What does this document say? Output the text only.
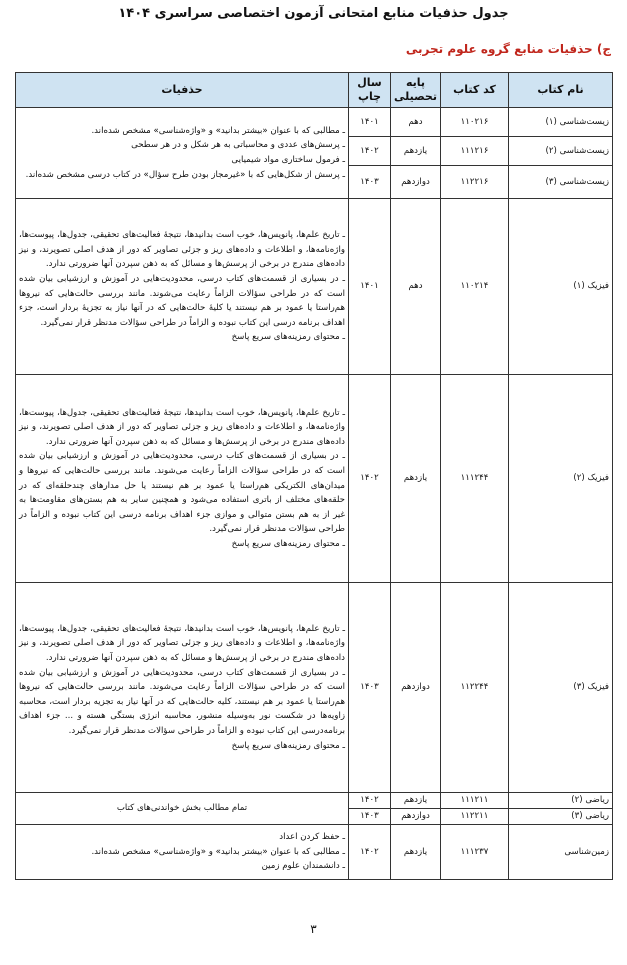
جدول حذفیات منابع امتحانی آزمون اختصاصی سراسری ۱۴۰۴
ج) حذفیات منابع گروه علوم تجربی
نام کتاب	کد کتاب	پایه تحصیلی	سال چاپ	حذفیات
زیست‌شناسی (۱)	۱۱۰۲۱۶	دهم	۱۴۰۱	ـ مطالبی که با عنوان «بیشتر بدانید» و «واژه‌شناسی» مشخص شده‌اند.
ـ پرسش‌های عددی و محاسباتی به هر شکل و در هر سطحی
ـ فرمول ساختاری مواد شیمیایی
ـ پرسش از شکل‌هایی که با «غیرمجاز بودن طرح سؤال» در کتاب درسی مشخص شده‌اند.

زیست‌شناسی (۲)	۱۱۱۲۱۶	یازدهم	۱۴۰۲	
زیست‌شناسی (۳)	۱۱۲۲۱۶	دوازدهم	۱۴۰۳	
فیزیک (۱)	۱۱۰۲۱۴	دهم	۱۴۰۱	ـ تاریخ علم‌ها، پانویس‌ها، خوب است بدانیدها، نتیجهٔ فعالیت‌های تحقیقی، جدول‌ها، پیوست‌ها، واژه‌نامه‌ها، و اطلاعات و داده‌های ریز و جزئی تصاویر که دور از هدف اصلی تصویرند، و نیز داده‌های مندرج در برخی از پرسش‌ها و مسائل که به ذهن سپردن آنها ضرورتی ندارد.
ـ در بسیاری از قسمت‌های کتاب درسی، محدودیت‌هایی در آموزش و ارزشیابی بیان شده است که در طراحی سؤالات الزاماً رعایت می‌شوند. مانند بررسی حالت‌هایی که نیروها هم‌راستا یا عمود بر هم نیستند یا کلیهٔ حالت‌هایی که در آنها نیاز به تجزیهٔ بردار است، جزء اهداف برنامه درسی این کتاب نبوده و الزاماً در طراحی سؤالات مدنظر قرار نمی‌گیرد.
ـ محتوای رمزینه‌های سریع پاسخ

فیزیک (۲)	۱۱۱۲۴۴	یازدهم	۱۴۰۲	ـ تاریخ علم‌ها، پانویس‌ها، خوب است بدانیدها، نتیجهٔ فعالیت‌های تحقیقی، جدول‌ها، پیوست‌ها، واژه‌نامه‌ها، و اطلاعات و داده‌های ریز و جزئی تصاویر که دور از هدف اصلی تصویرند، و نیز داده‌های مندرج در برخی از پرسش‌ها و مسائل که به ذهن سپردن آنها ضرورتی ندارد.
ـ در بسیاری از قسمت‌های کتاب درسی، محدودیت‌هایی در آموزش و ارزشیابی بیان شده است که در طراحی سؤالات الزاماً رعایت می‌شوند. مانند بررسی حالت‌هایی که نیروها و میدان‌های الکتریکی هم‌راستا یا عمود بر هم نیستند یا حل مدارهای چندحلقه‌ای که در حلقه‌های مختلف از باتری استفاده می‌شود و همچنین سایر به هم بستن‌های مقاومت‌ها به غیر از به هم بستن متوالی و موازی جزء اهداف برنامه درسی این کتاب نبوده و الزاماً در طراحی سؤالات مدنظر قرار نمی‌گیرد.
ـ محتوای رمزینه‌های سریع پاسخ

فیزیک (۳)	۱۱۲۲۴۴	دوازدهم	۱۴۰۳	ـ تاریخ علم‌ها، پانویس‌ها، خوب است بدانیدها، نتیجهٔ فعالیت‌های تحقیقی، جدول‌ها، پیوست‌ها، واژه‌نامه‌ها، و اطلاعات و داده‌های ریز و جزئی تصاویر که دور از هدف اصلی تصویرند، و نیز داده‌های مندرج در برخی از پرسش‌ها و مسائل که به ذهن سپردن آنها ضرورتی ندارد.
ـ در بسیاری از قسمت‌های کتاب درسی، محدودیت‌هایی در آموزش و ارزشیابی بیان شده است که در طراحی سؤالات الزاماً رعایت می‌شوند. مانند بررسی حالت‌هایی که نیروها هم‌راستا یا عمود بر هم نیستند، کلیه حالت‌هایی که در آنها نیاز به تجزیه بردار است، محاسبه زاویه‌ها در شکست نور به‌وسیله منشور، محاسبه انرژی بستگی هسته و ... جزء اهداف برنامه‌درسی این کتاب نبوده و الزاماً در طراحی سؤالات مدنظر قرار نمی‌گیرد.
ـ محتوای رمزینه‌های سریع پاسخ

ریاضی (۲)	۱۱۱۲۱۱	یازدهم	۱۴۰۲	تمام مطالب بخش خواندنی‌های کتاب

ریاضی (۳)	۱۱۲۲۱۱	دوازدهم	۱۴۰۳	
زمین‌شناسی	۱۱۱۲۳۷	یازدهم	۱۴۰۲	ـ حفظ کردن اعداد
ـ مطالبی که با عنوان «بیشتر بدانید» و «واژه‌شناسی» مشخص شده‌اند.
ـ دانشمندان علوم زمین
۳
